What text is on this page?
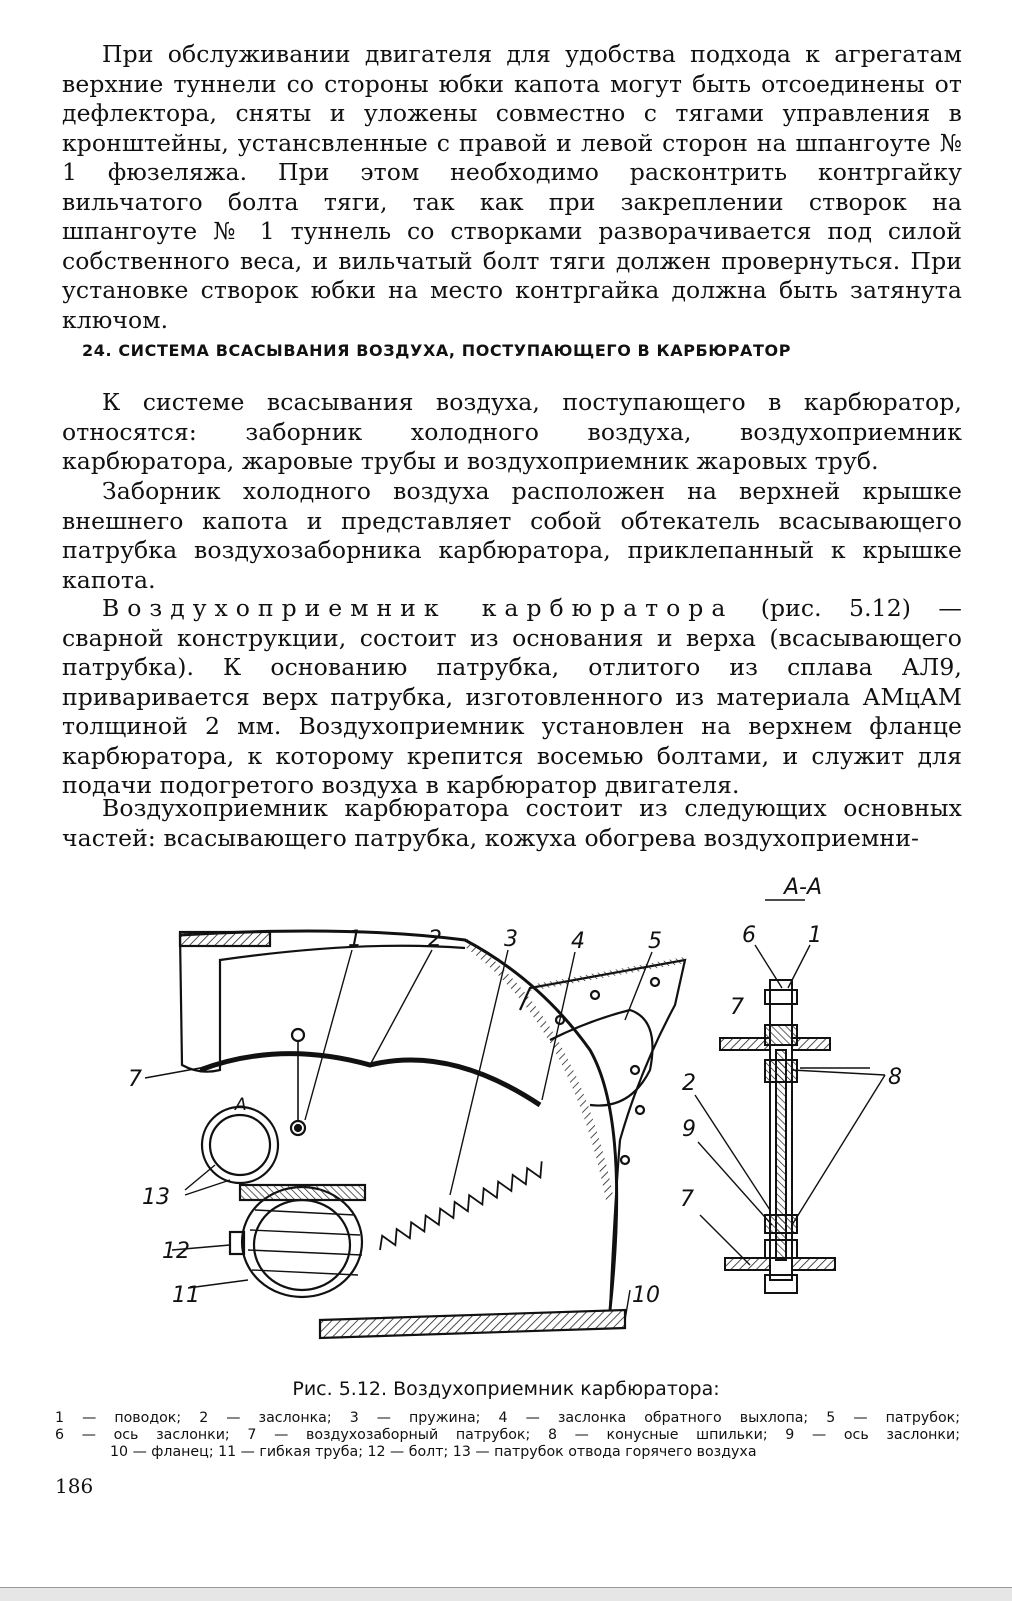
При обслуживании двигателя для удобства подхода к агрегатам верхние туннели со стороны юбки капота могут быть отсоединены от дефлектора, сняты и уложены совместно с тягами управления в кронштейны, устансвленные с правой и левой сторон на шпангоуте № 1 фюзеляжа. При этом необходимо расконтрить контргайку вильчатого болта тяги, так как при закреплении створок на шпангоуте № 1 туннель со створками разворачивается под силой собственного веса, и вильчатый болт тяги должен провернуться. При установке створок юбки на место контргайка должна быть затянута ключом.
24. СИСТЕМА ВСАСЫВАНИЯ ВОЗДУХА, ПОСТУПАЮЩЕГО В КАРБЮРАТОР
К системе всасывания воздуха, поступающего в карбюратор, относятся: заборник холодного воздуха, воздухоприемник карбюратора, жаровые трубы и воздухоприемник жаровых труб.
Заборник холодного воздуха расположен на верхней крышке внешнего капота и представляет собой обтекатель всасывающего патрубка воздухозаборника карбюратора, приклепанный к крышке капота.
Воздухоприемник карбюратора (рис. 5.12) — сварной конструкции, состоит из основания и верха (всасывающего патрубка). К основанию патрубка, отлитого из сплава АЛ9, приваривается верх патрубка, изготовленного из материала АМцАМ толщиной 2 мм. Воздухоприемник установлен на верхнем фланце карбюратора, к которому крепится восемью болтами, и служит для подачи подогретого воздуха в карбюратор двигателя.
Воздухоприемник карбюратора состоит из следующих основных частей: всасывающего патрубка, кожуха обогрева воздухоприемни-
А-А
1	2	3 4	5
7
13
12
11	10
6 1
7
2
9
8
7
А
Рис. 5.12. Воздухоприемник карбюратора:
1 — поводок; 2 — заслонка; 3 — пружина; 4 — заслонка обратного выхлопа; 5 — патрубок;
6 — ось заслонки; 7 — воздухозаборный патрубок; 8 — конусные шпильки; 9 — ось заслонки;
10 — фланец; 11 — гибкая труба; 12 — болт; 13 — патрубок отвода горячего воздуха
186
